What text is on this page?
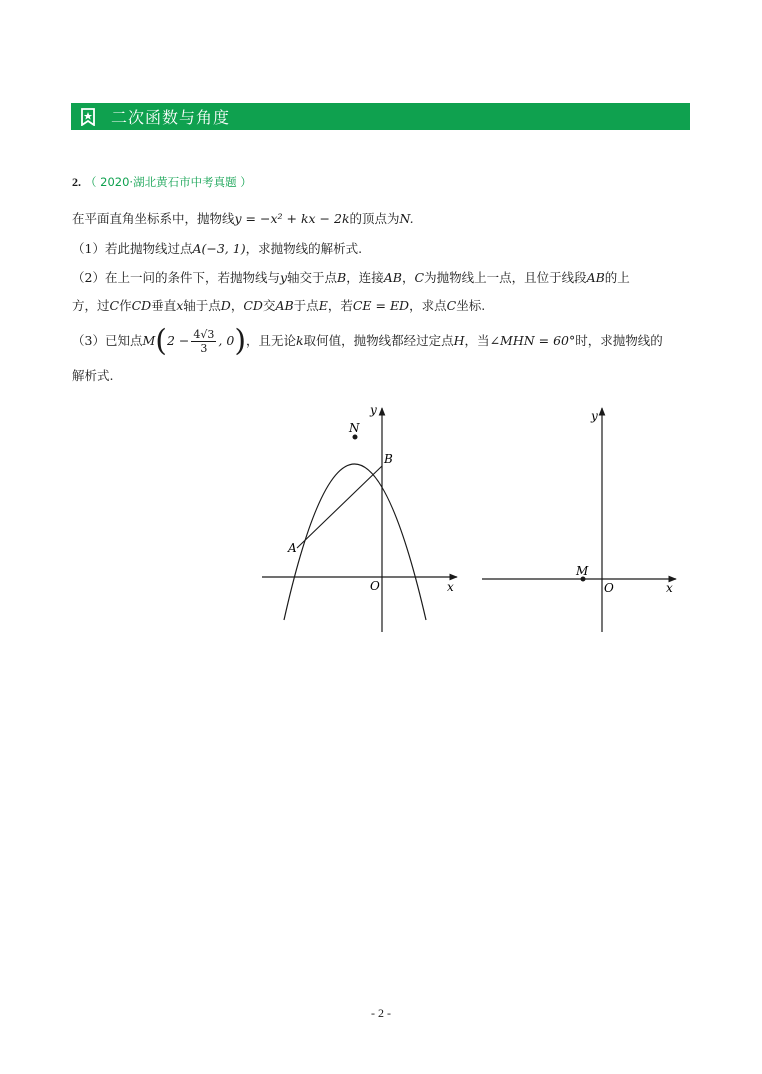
二次函数与角度
2. （ 2020·湖北黄石市中考真题 ）
在平面直角坐标系中，抛物线y = −x² + kx − 2k的顶点为N.
（1）若此抛物线过点A(−3, 1)，求抛物线的解析式.
（2）在上一问的条件下，若抛物线与y轴交于点B，连接AB，C为抛物线上一点，且位于线段AB的上
方，过C作CD垂直x轴于点D，CD交AB于点E，若CE = ED，求点C坐标.
（3）已知点$M(2 - \frac{4√3}{3}$ , 0)，且无论k取何值，抛物线都经过定点H，当∠MHN = 60°时，求抛物线的
解析式.
y
x
O
N
B
A
y
x
O
M
- 2 -
